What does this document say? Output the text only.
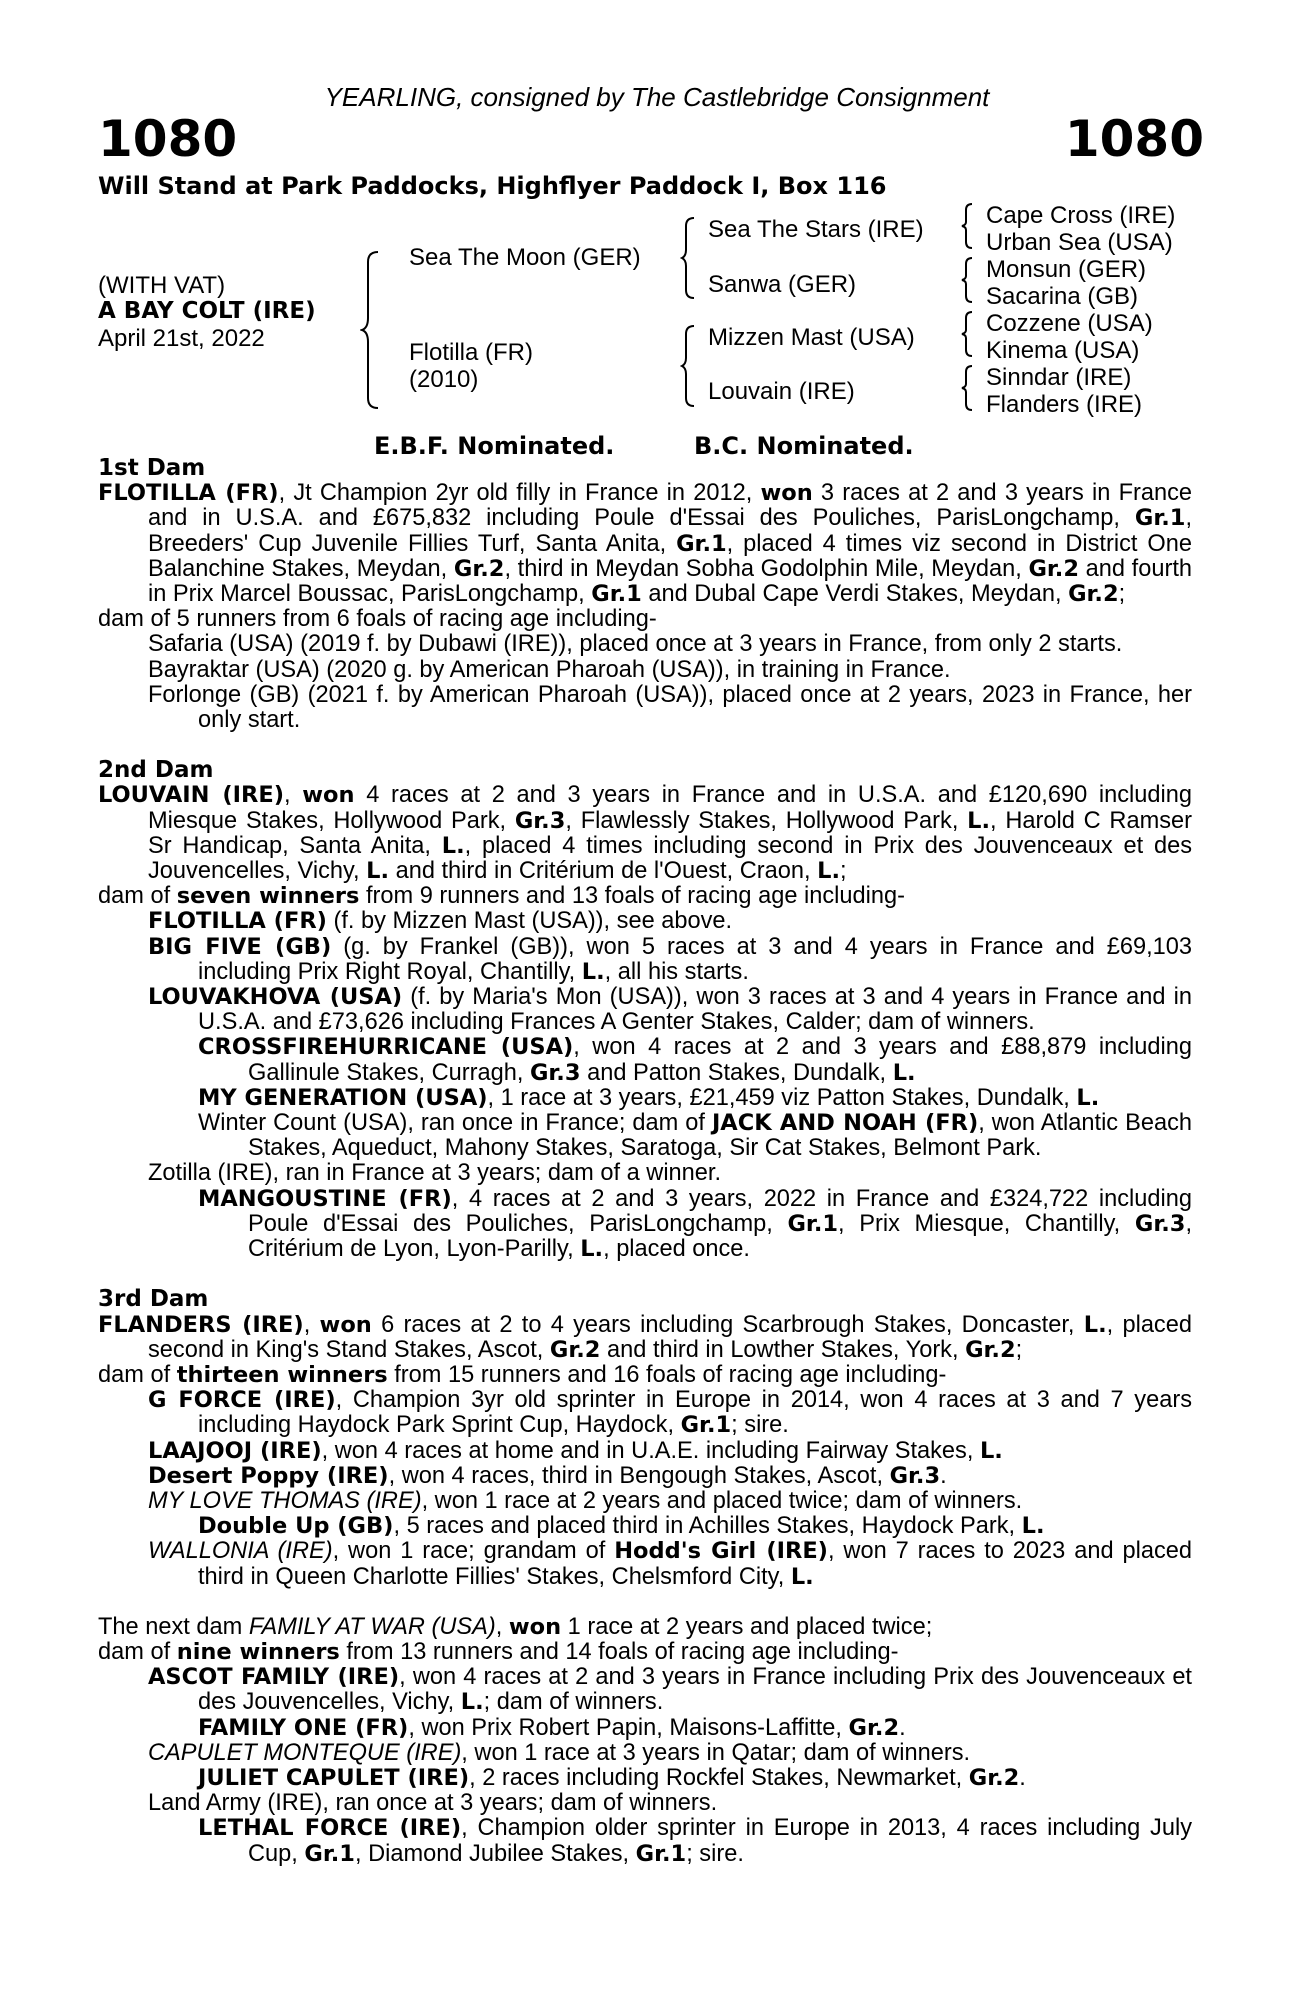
YEARLING, consigned by The Castlebridge Consignment
1080	1080
Will Stand at Park Paddocks, Highflyer Paddock I, Box 116
(WITH VAT)
A BAY COLT (IRE)
April 21st, 2022
Sea The Moon (GER)
Flotilla (FR)
(2010)
Sea The Stars (IRE)
Sanwa (GER)
Mizzen Mast (USA)
Louvain (IRE)
Cape Cross (IRE)
Urban Sea (USA)
Monsun (GER)
Sacarina (GB)
Cozzene (USA)
Kinema (USA)
Sinndar (IRE)
Flanders (IRE)
E.B.F. Nominated.	B.C. Nominated.

1st Dam

FLOTILLA (FR), Jt Champion 2yr old filly in France in 2012, won 3 races at 2 and 3 years in France and in U.S.A. and £675,832 including Poule d'Essai des Pouliches, ParisLongchamp, Gr.1, Breeders' Cup Juvenile Fillies Turf, Santa Anita, Gr.1, placed 4 times viz second in District One Balanchine Stakes, Meydan, Gr.2, third in Meydan Sobha Godolphin Mile, Meydan, Gr.2 and fourth in Prix Marcel Boussac, ParisLongchamp, Gr.1 and Dubal Cape Verdi Stakes, Meydan, Gr.2;

dam of 5 runners from 6 foals of racing age including-

Safaria (USA) (2019 f. by Dubawi (IRE)), placed once at 3 years in France, from only 2 starts.

Bayraktar (USA) (2020 g. by American Pharoah (USA)), in training in France.

Forlonge (GB) (2021 f. by American Pharoah (USA)), placed once at 2 years, 2023 in France, her only start.

2nd Dam

LOUVAIN (IRE), won 4 races at 2 and 3 years in France and in U.S.A. and £120,690 including Miesque Stakes, Hollywood Park, Gr.3, Flawlessly Stakes, Hollywood Park, L., Harold C Ramser Sr Handicap, Santa Anita, L., placed 4 times including second in Prix des Jouvenceaux et des Jouvencelles, Vichy, L. and third in Critérium de l'Ouest, Craon, L.;

dam of seven winners from 9 runners and 13 foals of racing age including-

FLOTILLA (FR) (f. by Mizzen Mast (USA)), see above.

BIG FIVE (GB) (g. by Frankel (GB)), won 5 races at 3 and 4 years in France and £69,103 including Prix Right Royal, Chantilly, L., all his starts.

LOUVAKHOVA (USA) (f. by Maria's Mon (USA)), won 3 races at 3 and 4 years in France and in U.S.A. and £73,626 including Frances A Genter Stakes, Calder; dam of winners.

CROSSFIREHURRICANE (USA), won 4 races at 2 and 3 years and £88,879 including Gallinule Stakes, Curragh, Gr.3 and Patton Stakes, Dundalk, L.

MY GENERATION (USA), 1 race at 3 years, £21,459 viz Patton Stakes, Dundalk, L.

Winter Count (USA), ran once in France; dam of JACK AND NOAH (FR), won Atlantic Beach Stakes, Aqueduct, Mahony Stakes, Saratoga, Sir Cat Stakes, Belmont Park.

Zotilla (IRE), ran in France at 3 years; dam of a winner.

MANGOUSTINE (FR), 4 races at 2 and 3 years, 2022 in France and £324,722 including Poule d'Essai des Pouliches, ParisLongchamp, Gr.1, Prix Miesque, Chantilly, Gr.3, Critérium de Lyon, Lyon-Parilly, L., placed once.

3rd Dam

FLANDERS (IRE), won 6 races at 2 to 4 years including Scarbrough Stakes, Doncaster, L., placed second in King's Stand Stakes, Ascot, Gr.2 and third in Lowther Stakes, York, Gr.2;

dam of thirteen winners from 15 runners and 16 foals of racing age including-

G FORCE (IRE), Champion 3yr old sprinter in Europe in 2014, won 4 races at 3 and 7 years including Haydock Park Sprint Cup, Haydock, Gr.1; sire.

LAAJOOJ (IRE), won 4 races at home and in U.A.E. including Fairway Stakes, L.

Desert Poppy (IRE), won 4 races, third in Bengough Stakes, Ascot, Gr.3.

MY LOVE THOMAS (IRE), won 1 race at 2 years and placed twice; dam of winners.

Double Up (GB), 5 races and placed third in Achilles Stakes, Haydock Park, L.

WALLONIA (IRE), won 1 race; grandam of Hodd's Girl (IRE), won 7 races to 2023 and placed third in Queen Charlotte Fillies' Stakes, Chelsmford City, L.

The next dam FAMILY AT WAR (USA), won 1 race at 2 years and placed twice;

dam of nine winners from 13 runners and 14 foals of racing age including-

ASCOT FAMILY (IRE), won 4 races at 2 and 3 years in France including Prix des Jouvenceaux et des Jouvencelles, Vichy, L.; dam of winners.

FAMILY ONE (FR), won Prix Robert Papin, Maisons-Laffitte, Gr.2.

CAPULET MONTEQUE (IRE), won 1 race at 3 years in Qatar; dam of winners.

JULIET CAPULET (IRE), 2 races including Rockfel Stakes, Newmarket, Gr.2.

Land Army (IRE), ran once at 3 years; dam of winners.

LETHAL FORCE (IRE), Champion older sprinter in Europe in 2013, 4 races including July Cup, Gr.1, Diamond Jubilee Stakes, Gr.1; sire.
